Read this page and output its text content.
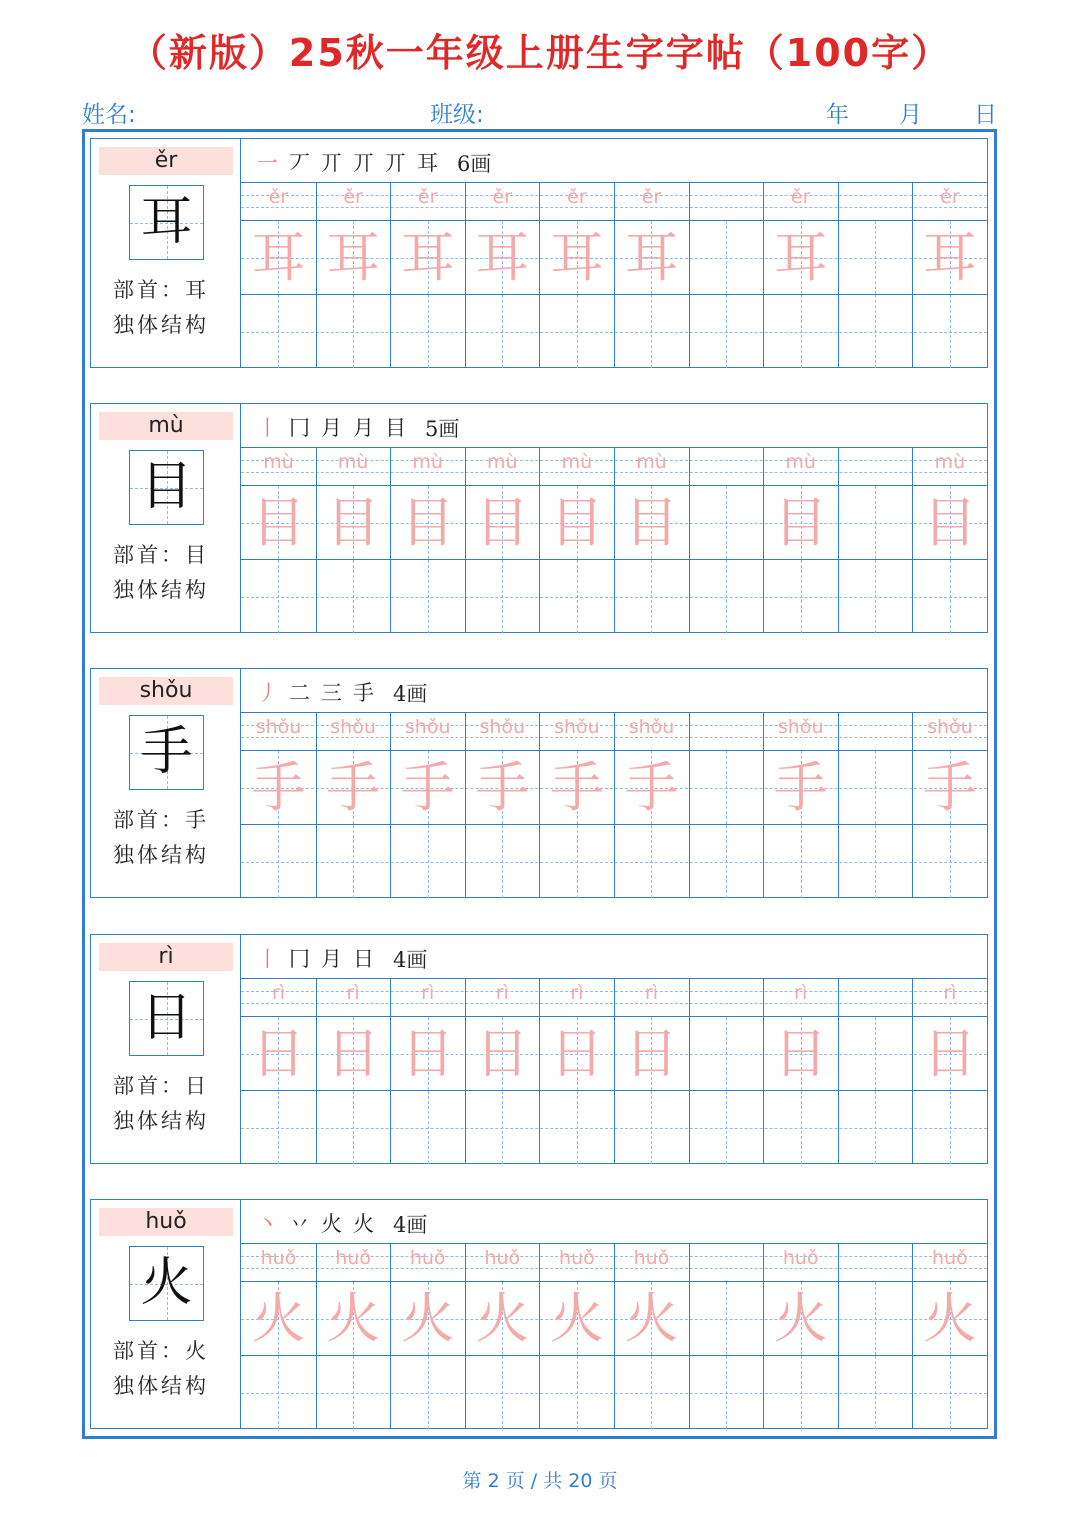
（新版）25秋一年级上册生字字帖（100字）
姓名:	班级:	年 月 日
ěr
耳
部首：耳
独体结构
一 丆 丌 丌 丌 耳 6画
ěr	ěr	ěr	ěr	ěr	ěr	ěr	ěr
耳 耳 耳 耳 耳 耳 耳 耳
mù
目
部首：目
独体结构
丨 冂 月 月 目 5画
mù	mù	mù	mù	mù	mù	mù	mù
目 目 目 目 目 目 目 目
shǒu
手
部首：手
独体结构
丿 二 三 手 4画
shǒu	shǒu	shǒu	shǒu	shǒu	shǒu	shǒu	shǒu
手 手 手 手 手 手 手 手
rì
日
部首：日
独体结构
丨 冂 月 日 4画
rì	rì	rì	rì	rì	rì	rì	rì
日 日 日 日 日 日 日 日
huǒ
火
部首：火
独体结构
丶 丷 火 火 4画
huǒ	huǒ	huǒ	huǒ	huǒ	huǒ	huǒ	huǒ
火 火 火 火 火 火 火 火
第 2 页 / 共 20 页
